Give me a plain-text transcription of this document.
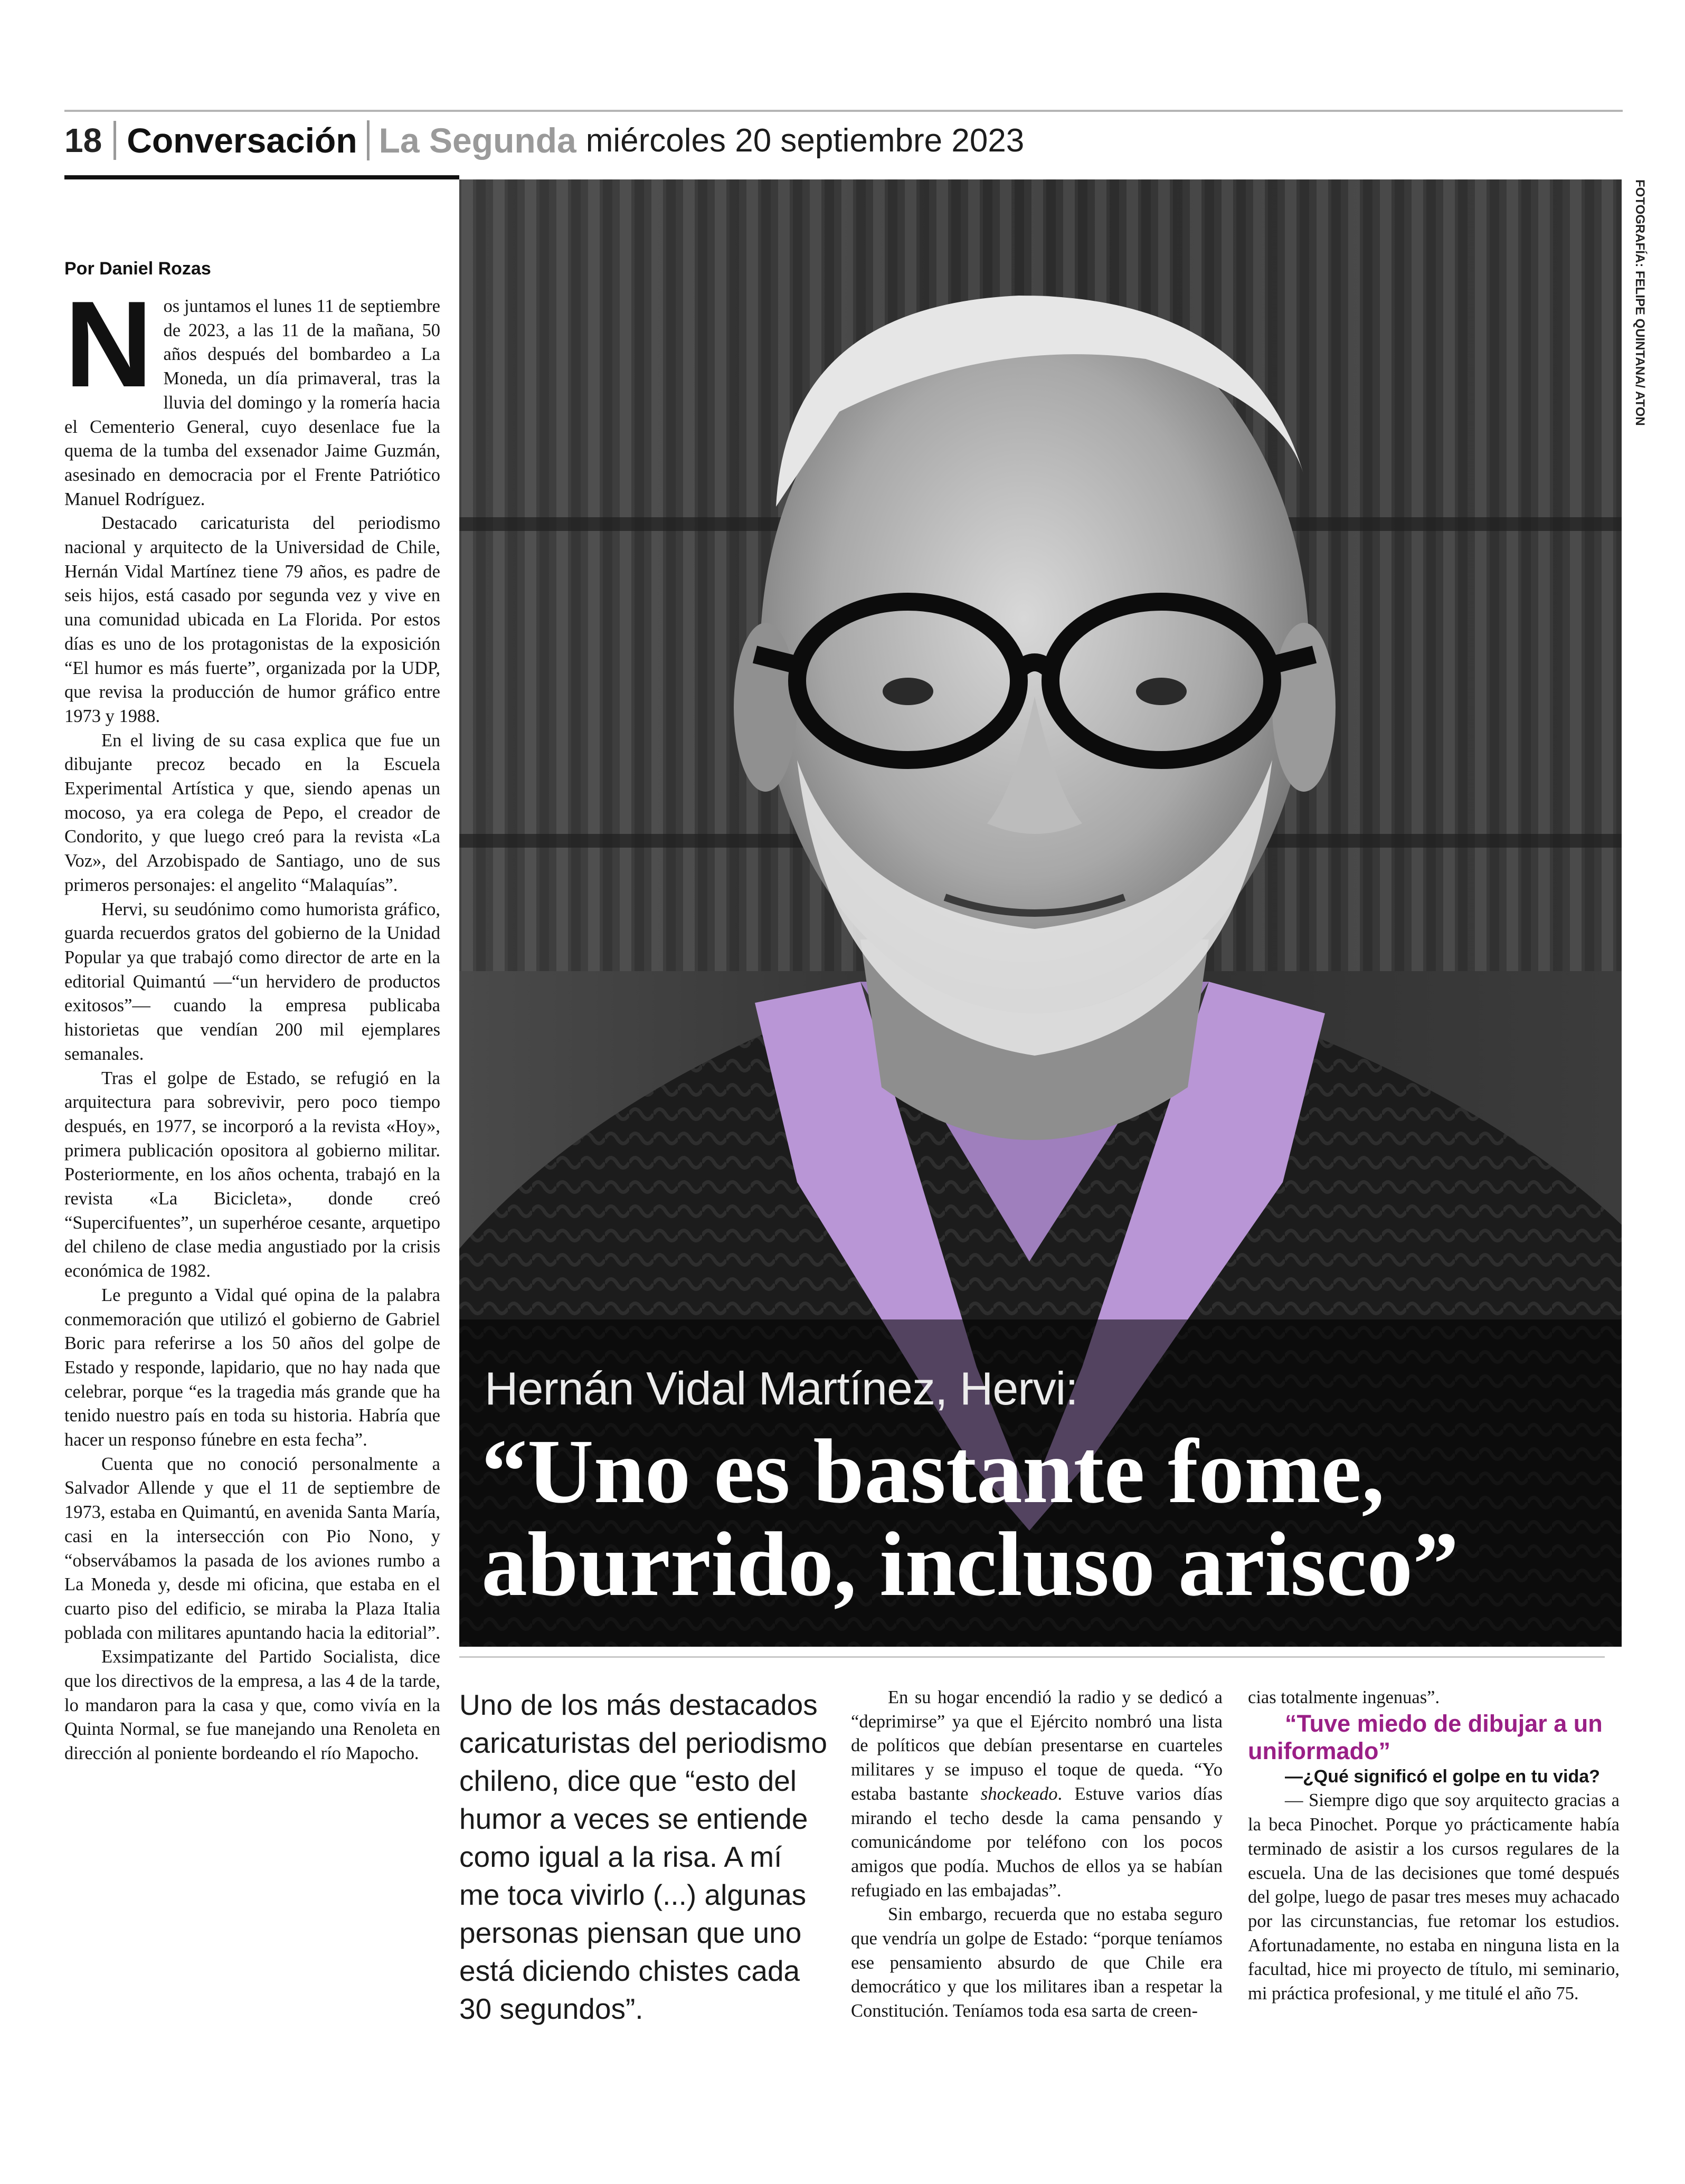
18 Conversación La Segunda miércoles 20 septiembre 2023
Por Daniel Rozas

Nos juntamos el lunes 11 de septiembre de 2023, a las 11 de la mañana, 50 años después del bombardeo a La Moneda, un día primaveral, tras la lluvia del domingo y la romería hacia el Cementerio General, cuyo desenlace fue la quema de la tumba del exsenador Jaime Guzmán, asesinado en democracia por el Frente Patriótico Manuel Rodríguez.

Destacado caricaturista del periodismo nacional y arquitecto de la Universidad de Chile, Hernán Vidal Martínez tiene 79 años, es padre de seis hijos, está casado por segunda vez y vive en una comunidad ubicada en La Florida. Por estos días es uno de los protagonistas de la exposición “El humor es más fuerte”, organizada por la UDP, que revisa la producción de humor gráfico entre 1973 y 1988.

En el living de su casa explica que fue un dibujante precoz becado en la Escuela Experimental Artística y que, siendo apenas un mocoso, ya era colega de Pepo, el creador de Condorito, y que luego creó para la revista «La Voz», del Arzobispado de Santiago, uno de sus primeros personajes: el angelito “Malaquías”.

Hervi, su seudónimo como humorista gráfico, guarda recuerdos gratos del gobierno de la Unidad Popular ya que trabajó como director de arte en la editorial Quimantú —“un hervidero de productos exitosos”— cuando la empresa publicaba historietas que vendían 200 mil ejemplares semanales.

Tras el golpe de Estado, se refugió en la arquitectura para sobrevivir, pero poco tiempo después, en 1977, se incorporó a la revista «Hoy», primera publicación opositora al gobierno militar. Posteriormente, en los años ochenta, trabajó en la revista «La Bicicleta», donde creó “Supercifuentes”, un superhéroe cesante, arquetipo del chileno de clase media angustiado por la crisis económica de 1982.

Le pregunto a Vidal qué opina de la palabra conmemoración que utilizó el gobierno de Gabriel Boric para referirse a los 50 años del golpe de Estado y responde, lapidario, que no hay nada que celebrar, porque “es la tragedia más grande que ha tenido nuestro país en toda su historia. Habría que hacer un responso fúnebre en esta fecha”.

Cuenta que no conoció personalmente a Salvador Allende y que el 11 de septiembre de 1973, estaba en Quimantú, en avenida Santa María, casi en la intersección con Pio Nono, y “observábamos la pasada de los aviones rumbo a La Moneda y, desde mi oficina, que estaba en el cuarto piso del edificio, se miraba la Plaza Italia poblada con militares apuntando hacia la editorial”.

Exsimpatizante del Partido Socialista, dice que los directivos de la empresa, a las 4 de la tarde, lo mandaron para la casa y que, como vivía en la Quinta Normal, se fue manejando una Renoleta en dirección al poniente bordeando el río Mapocho.

FOTOGRAFÍA: FELIPE QUINTANA/ ATON
Hernán Vidal Martínez, Hervi:
“Uno es bastante fome, aburrido, incluso arisco”
Uno de los más destacados caricaturistas del periodismo chileno, dice que “esto del humor a veces se entiende como igual a la risa. A mí me toca vivirlo (...) algunas personas piensan que uno está diciendo chistes cada 30 segundos”.

En su hogar encendió la radio y se dedicó a “deprimirse” ya que el Ejército nombró una lista de políticos que debían presentarse en cuarteles militares y se impuso el toque de queda. “Yo estaba bastante shockeado. Estuve varios días mirando el techo desde la cama pensando y comunicándome por teléfono con los pocos amigos que podía. Muchos de ellos ya se habían refugiado en las embajadas”.

Sin embargo, recuerda que no estaba seguro que vendría un golpe de Estado: “porque teníamos ese pensamiento absurdo de que Chile era democrático y que los militares iban a respetar la Constitución. Teníamos toda esa sarta de creen-

cias totalmente ingenuas”.

“Tuve miedo de dibujar a un uniformado”

—¿Qué significó el golpe en tu vida?

— Siempre digo que soy arquitecto gracias a la beca Pinochet. Porque yo prácticamente había terminado de asistir a los cursos regulares de la escuela. Una de las decisiones que tomé después del golpe, luego de pasar tres meses muy achacado por las circunstancias, fue retomar los estudios. Afortunadamente, no estaba en ninguna lista en la facultad, hice mi proyecto de título, mi seminario, mi práctica profesional, y me titulé el año 75.
